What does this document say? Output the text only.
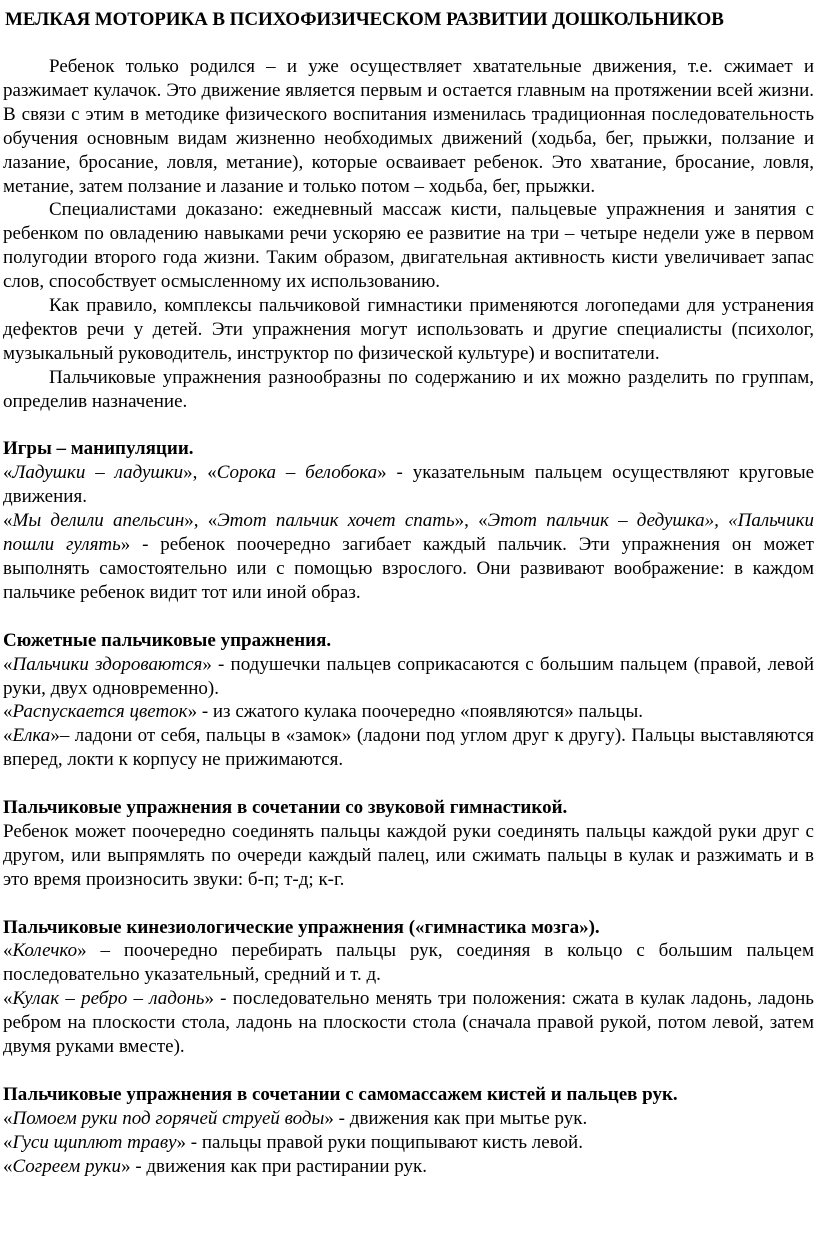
МЕЛКАЯ МОТОРИКА В ПСИХОФИЗИЧЕСКОМ РАЗВИТИИ ДОШКОЛЬНИКОВ

Ребенок только родился – и уже осуществляет хватательные движения, т.е. сжимает и разжимает кулачок. Это движение является первым и остается главным на протяжении всей жизни. В связи с этим в методике физического воспитания изменилась традиционная последовательность обучения основным видам жизненно необходимых движений (ходьба, бег, прыжки, ползание и лазание, бросание, ловля, метание), которые осваивает ребенок. Это хватание, бросание, ловля, метание, затем ползание и лазание и только потом – ходьба, бег, прыжки.

Специалистами доказано: ежедневный массаж кисти, пальцевые упражнения и занятия с ребенком по овладению навыками речи ускоряю ее развитие на три – четыре недели уже в первом полугодии второго года жизни. Таким образом, двигательная активность кисти увеличивает запас слов, способствует осмысленному их использованию.

Как правило, комплексы пальчиковой гимнастики применяются логопедами для устранения дефектов речи у детей. Эти упражнения могут использовать и другие специалисты (психолог, музыкальный руководитель, инструктор по физической культуре) и воспитатели.

Пальчиковые упражнения разнообразны по содержанию и их можно разделить по группам, определив назначение.

Игры – манипуляции.

«Ладушки – ладушки», «Сорока – белобока» - указательным пальцем осуществляют круговые движения.

«Мы делили апельсин», «Этот пальчик хочет спать», «Этот пальчик – дедушка», «Пальчики пошли гулять» - ребенок поочередно загибает каждый пальчик. Эти упражнения он может выполнять самостоятельно или с помощью взрослого. Они развивают воображение: в каждом пальчике ребенок видит тот или иной образ.

Сюжетные пальчиковые упражнения.

«Пальчики здороваются» - подушечки пальцев соприкасаются с большим пальцем (правой, левой руки, двух одновременно).

«Распускается цветок» - из сжатого кулака поочередно «появляются» пальцы.

«Елка»– ладони от себя, пальцы в «замок» (ладони под углом друг к другу). Пальцы выставляются вперед, локти к корпусу не прижимаются.

Пальчиковые упражнения в сочетании со звуковой гимнастикой.

Ребенок может поочередно соединять пальцы каждой руки соединять пальцы каждой руки друг с другом, или выпрямлять по очереди каждый палец, или сжимать пальцы в кулак и разжимать и в это время произносить звуки: б-п; т-д; к-г.

Пальчиковые кинезиологические упражнения («гимнастика мозга»).

«Колечко» – поочередно перебирать пальцы рук, соединяя в кольцо с большим пальцем последовательно указательный, средний и т. д.

«Кулак – ребро – ладонь» - последовательно менять три положения: сжата в кулак ладонь, ладонь ребром на плоскости стола, ладонь на плоскости стола (сначала правой рукой, потом левой, затем двумя руками вместе).

Пальчиковые упражнения в сочетании с самомассажем кистей и пальцев рук.

«Помоем руки под горячей струей воды» - движения как при мытье рук.

«Гуси щиплют траву» - пальцы правой руки пощипывают кисть левой.

«Согреем руки» - движения как при растирании рук.
